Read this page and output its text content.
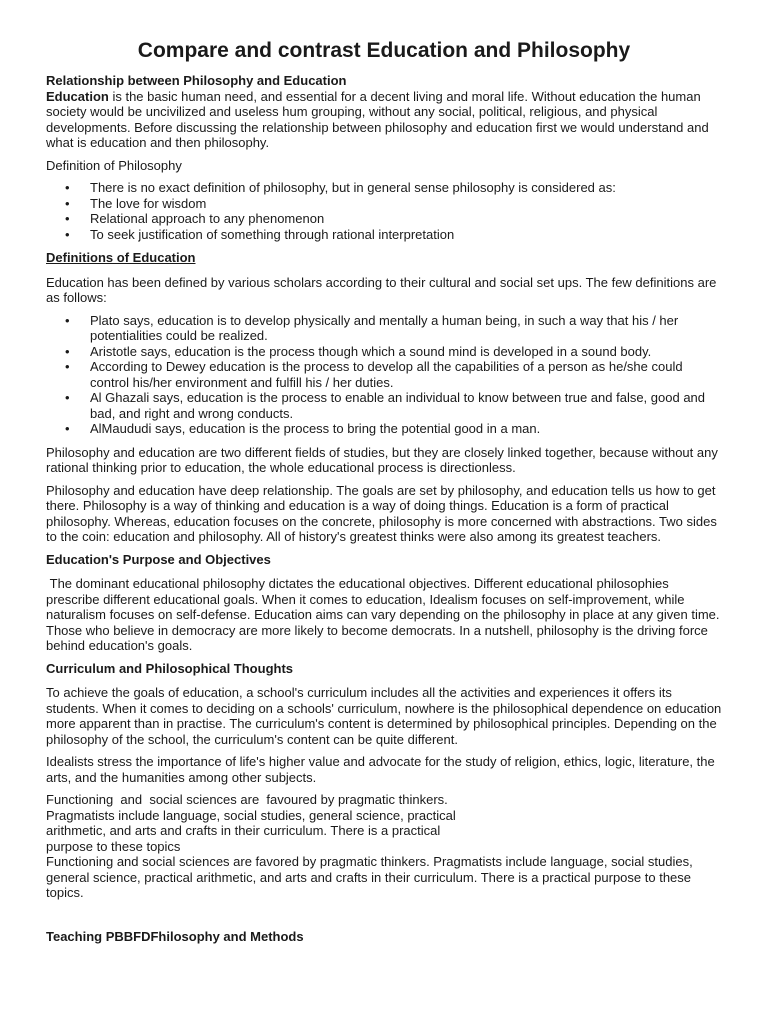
Compare and contrast Education and Philosophy

Relationship between Philosophy and Education

Education is the basic human need, and essential for a decent living and moral life. Without education the human society would be uncivilized and useless hum grouping, without any social, political, religious, and physical developments. Before discussing the relationship between philosophy and education first we would understand and what is education and then philosophy.

Definition of Philosophy

• There is no exact definition of philosophy, but in general sense philosophy is considered as:
• The love for wisdom
• Relational approach to any phenomenon
• To seek justification of something through rational interpretation

Definitions of Education

Education has been defined by various scholars according to their cultural and social set ups. The few definitions are as follows:

• Plato says, education is to develop physically and mentally a human being, in such a way that his / her potentialities could be realized.
• Aristotle says, education is the process though which a sound mind is developed in a sound body.
• According to Dewey education is the process to develop all the capabilities of a person as he/she could control his/her environment and fulfill his / her duties.
• Al Ghazali says, education is the process to enable an individual to know between true and false, good and bad, and right and wrong conducts.
• AlMaududi says, education is the process to bring the potential good in a man.

Philosophy and education are two different fields of studies, but they are closely linked together, because without any rational thinking prior to education, the whole educational process is directionless.

Philosophy and education have deep relationship. The goals are set by philosophy, and education tells us how to get there. Philosophy is a way of thinking and education is a way of doing things. Education is a form of practical philosophy. Whereas, education focuses on the concrete, philosophy is more concerned with abstractions. Two sides to the coin: education and philosophy. All of history's greatest thinks were also among its greatest teachers.

Education's Purpose and Objectives

The dominant educational philosophy dictates the educational objectives. Different educational philosophies prescribe different educational goals. When it comes to education, Idealism focuses on self-improvement, while naturalism focuses on self-defense. Education aims can vary depending on the philosophy in place at any given time. Those who believe in democracy are more likely to become democrats. In a nutshell, philosophy is the driving force behind education's goals.

Curriculum and Philosophical Thoughts

To achieve the goals of education, a school's curriculum includes all the activities and experiences it offers its students. When it comes to deciding on a schools' curriculum, nowhere is the philosophical dependence on education more apparent than in practise. The curriculum's content is determined by philosophical principles. Depending on the philosophy of the school, the curriculum's content can be quite different.

Idealists stress the importance of life's higher value and advocate for the study of religion, ethics, logic, literature, the arts, and the humanities among other subjects.

Functioning  and  social sciences are  favoured by pragmatic thinkers.

Pragmatists include language, social studies, general science, practical

arithmetic, and arts and crafts in their curriculum. There is a practical

purpose to these topics

Functioning and social sciences are favored by pragmatic thinkers. Pragmatists include language, social studies, general science, practical arithmetic, and arts and crafts in their curriculum. There is a practical purpose to these topics.

Teaching PBBFDFhilosophy and Methods
